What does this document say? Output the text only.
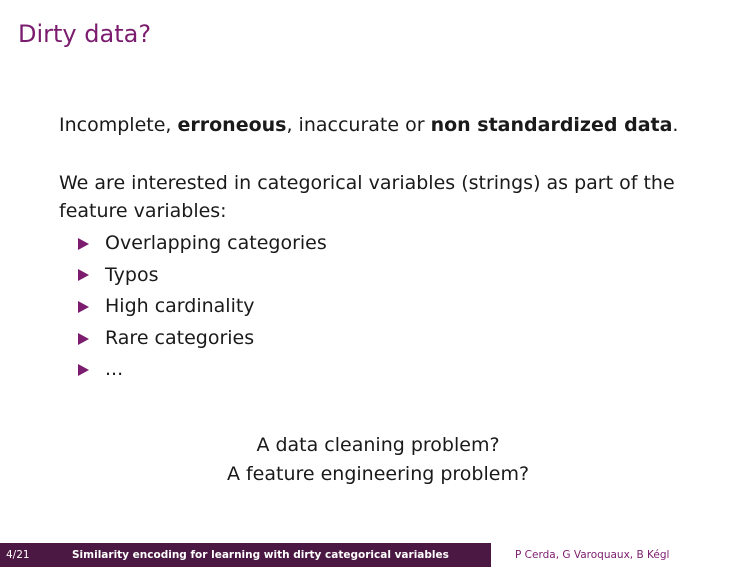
Dirty data?
Incomplete, erroneous, inaccurate or non standardized data.
We are interested in categorical variables (strings) as part of the feature variables:
Overlapping categories
Typos
High cardinality
Rare categories
...
A data cleaning problem?
A feature engineering problem?
4/21	Similarity encoding for learning with dirty categorical variables	P Cerda, G Varoquaux, B Kégl
